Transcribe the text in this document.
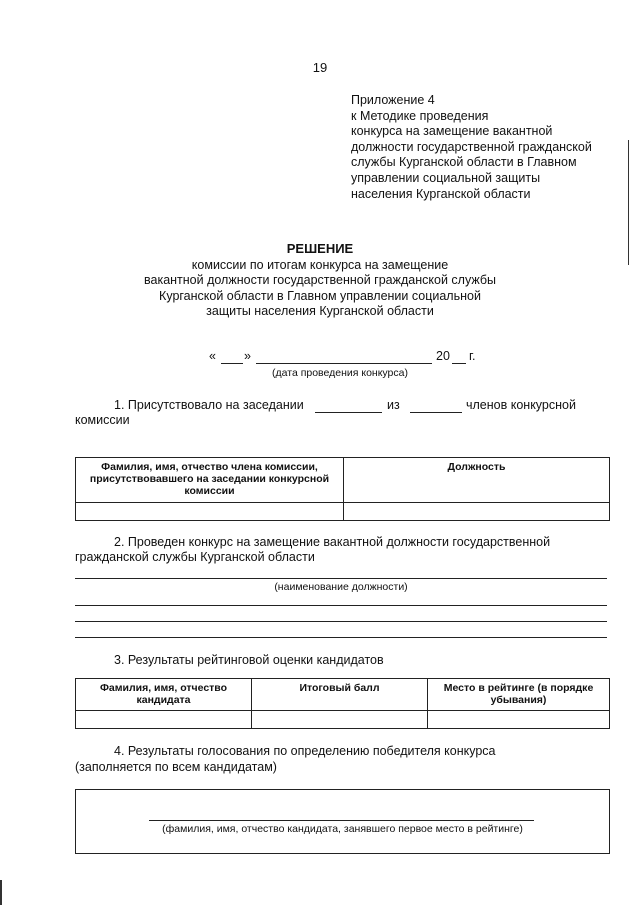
19
Приложение 4
к Методике проведения
конкурса на замещение вакантной
должности государственной гражданской
службы Курганской области в Главном
управлении социальной защиты
населения Курганской области
РЕШЕНИЕ
комиссии по итогам конкурса на замещение
вакантной должности государственной гражданской службы
Курганской области в Главном управлении социальной
защиты населения Курганской области
« »	20 г.
(дата проведения конкурса)
1. Присутствовало на заседании	из	членов конкурсной
комиссии
Фамилия, имя, отчество члена комиссии, присутствовавшего на заседании конкурсной комиссии	Должность

2. Проведен конкурс на замещение вакантной должности государственной
гражданской службы Курганской области
(наименование должности)
3. Результаты рейтинговой оценки кандидатов
Фамилия, имя, отчество кандидата	Итоговый балл	Место в рейтинге (в порядке убывания)

4. Результаты голосования по определению победителя конкурса
(заполняется по всем кандидатам)
(фамилия, имя, отчество кандидата, занявшего первое место в рейтинге)
